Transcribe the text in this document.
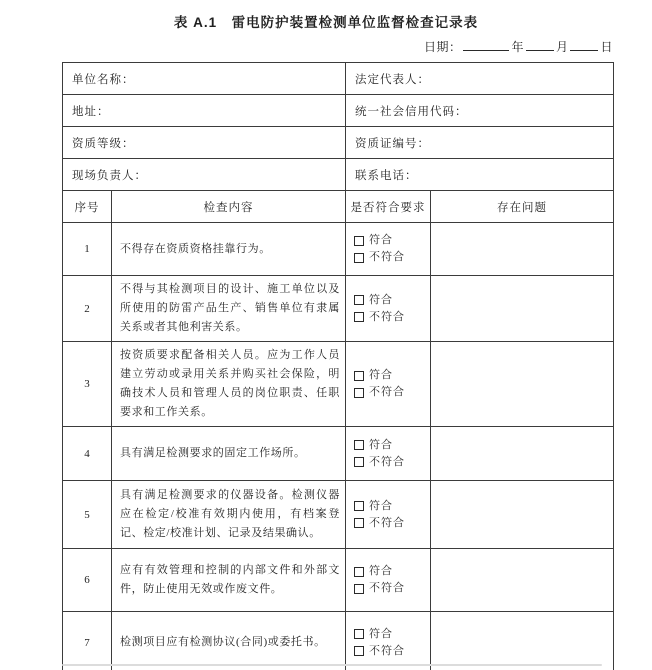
表 A.1　雷电防护装置检测单位监督检查记录表
日期：	年	月	日
单位名称：		法定代表人：	
地址：		统一社会信用代码：	
资质等级：		资质证编号：	
现场负责人：		联系电话：	
序号	检查内容	是否符合要求	存在问题
1	不得存在资质资格挂靠行为。	符合
不符合	

2	不得与其检测项目的设计、施工单位以及所使用的防雷产品生产、销售单位有隶属关系或者其他利害关系。	符合
不符合	

3	按资质要求配备相关人员。应为工作人员建立劳动或录用关系并购买社会保险，明确技术人员和管理人员的岗位职责、任职要求和工作关系。	符合
不符合	

4	具有满足检测要求的固定工作场所。	符合
不符合	

5	具有满足检测要求的仪器设备。检测仪器应在检定/校准有效期内使用，有档案登记、检定/校准计划、记录及结果确认。	符合
不符合	

6	应有有效管理和控制的内部文件和外部文件，防止使用无效或作废文件。	符合
不符合	

7	检测项目应有检测协议(合同)或委托书。	符合
不符合	
